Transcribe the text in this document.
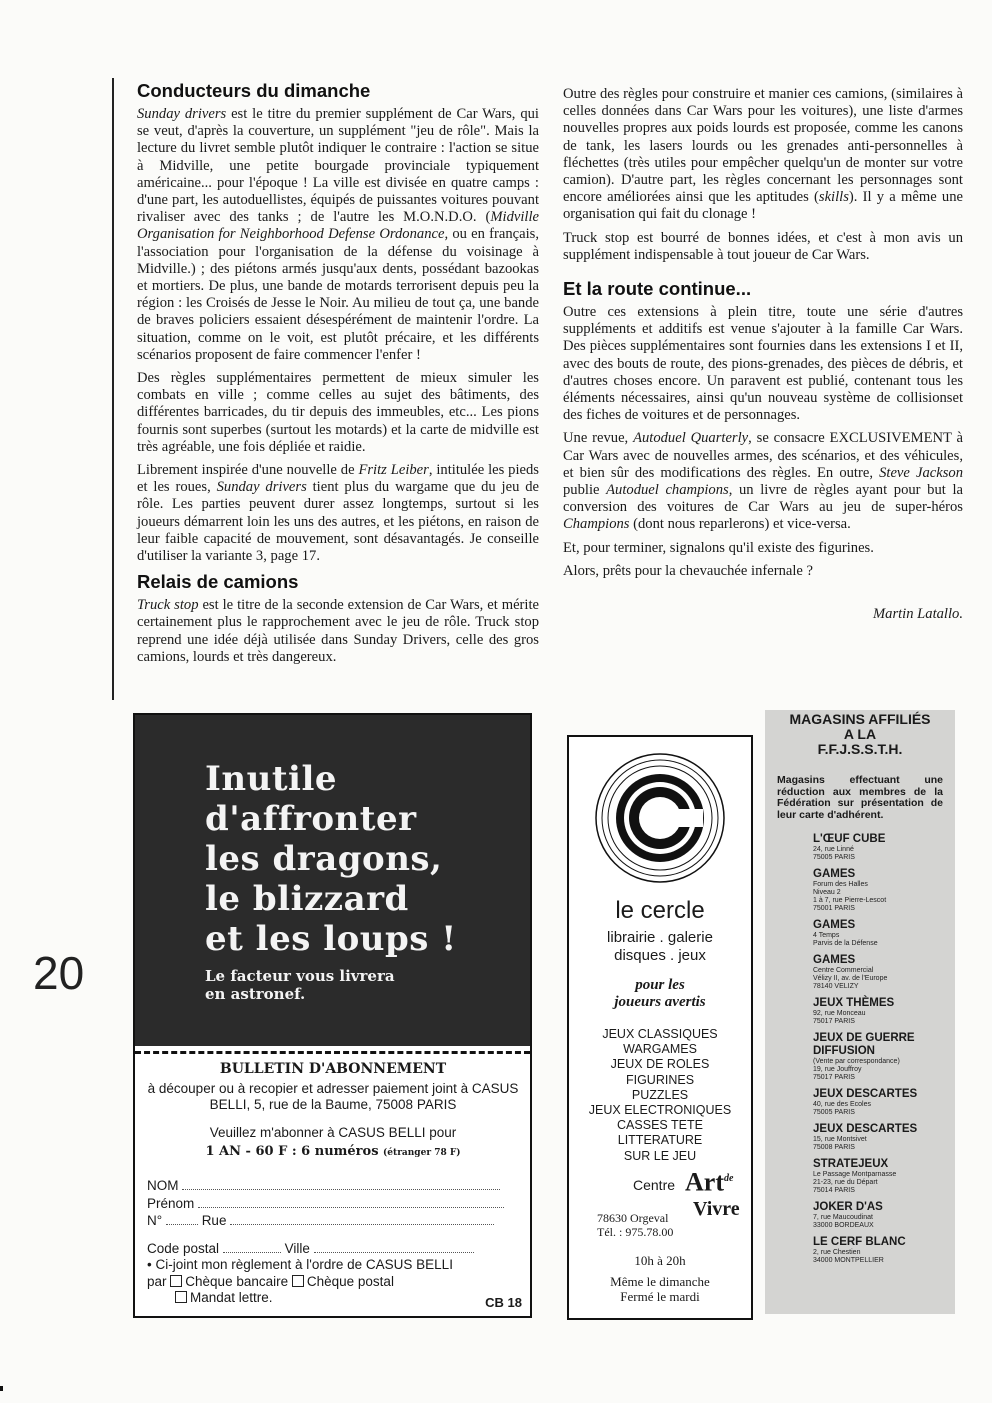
Conducteurs du dimanche

Sunday drivers est le titre du premier supplément de Car Wars, qui se veut, d'après la couverture, un supplément "jeu de rôle". Mais la lecture du livret semble plutôt indiquer le contraire : l'action se situe à Midville, une petite bourgade provinciale typiquement américaine... pour l'époque ! La ville est divisée en quatre camps : d'une part, les autoduellistes, équipés de puissantes voitures pouvant rivaliser avec des tanks ; de l'autre les M.O.N.D.O. (Midville Organisation for Neighborhood Defense Ordonance, ou en français, l'association pour l'organisation de la défense du voisinage à Midville.) ; des piétons armés jusqu'aux dents, possédant bazookas et mortiers. De plus, une bande de motards terrorisent depuis peu la région : les Croisés de Jesse le Noir. Au milieu de tout ça, une bande de braves policiers essaient désespérément de maintenir l'ordre. La situation, comme on le voit, est plutôt précaire, et les différents scénarios proposent de faire commencer l'enfer !

Des règles supplémentaires permettent de mieux simuler les combats en ville ; comme celles au sujet des bâtiments, des différentes barricades, du tir depuis des immeubles, etc... Les pions fournis sont superbes (surtout les motards) et la carte de midville est très agréable, une fois dépliée et raidie.

Librement inspirée d'une nouvelle de Fritz Leiber, intitulée les pieds et les roues, Sunday drivers tient plus du wargame que du jeu de rôle. Les parties peuvent durer assez longtemps, surtout si les joueurs démarrent loin les uns des autres, et les piétons, en raison de leur faible capacité de mouvement, sont désavantagés. Je conseille d'utiliser la variante 3, page 17.

Relais de camions

Truck stop est le titre de la seconde extension de Car Wars, et mérite certainement plus le rapprochement avec le jeu de rôle. Truck stop reprend une idée déjà utilisée dans Sunday Drivers, celle des gros camions, lourds et très dangereux.

Outre des règles pour construire et manier ces camions, (similaires à celles données dans Car Wars pour les voitures), une liste d'armes nouvelles propres aux poids lourds est proposée, comme les canons de tank, les lasers lourds ou les grenades anti-personnelles à fléchettes (très utiles pour empêcher quelqu'un de monter sur votre camion). D'autre part, les règles concernant les personnages sont encore améliorées ainsi que les aptitudes (skills). Il y a même une organisation qui fait du clonage !

Truck stop est bourré de bonnes idées, et c'est à mon avis un supplément indispensable à tout joueur de Car Wars.

Et la route continue...

Outre ces extensions à plein titre, toute une série d'autres suppléments et additifs est venue s'ajouter à la famille Car Wars. Des pièces supplémentaires sont fournies dans les extensions I et II, avec des bouts de route, des pions-grenades, des pièces de débris, et d'autres choses encore. Un paravent est publié, contenant tous les éléments nécessaires, ainsi qu'un nouveau système de collisionset des fiches de voitures et de personnages.

Une revue, Autoduel Quarterly, se consacre EXCLUSIVEMENT à Car Wars avec de nouvelles armes, des scénarios, et des véhicules, et bien sûr des modifications des règles. En outre, Steve Jackson publie Autoduel champions, un livre de règles ayant pour but la conversion des voitures de Car Wars au jeu de super-héros Champions (dont nous reparlerons) et vice-versa.

Et, pour terminer, signalons qu'il existe des figurines.

Alors, prêts pour la chevauchée infernale ?

Martin Latallo.
20
Inutile
d'affronter
les dragons,
le blizzard
et les loups !
Le facteur vous livrera
en astronef.
BULLETIN D'ABONNEMENT
à découper ou à recopier et adresser paiement joint à CASUS BELLI, 5, rue de la Baume, 75008 PARIS
Veuillez m'abonner à CASUS BELLI pour
1 AN - 60 F : 6 numéros (étranger 78 F)
NOM
Prénom
N°	Rue
Code postal	Ville
• Ci-joint mon règlement à l'ordre de CASUS BELLI
par Chèque bancaire Chèque postal
Mandat lettre.	CB 18
le cercle
librairie . galerie
disques . jeux
pour les
joueurs avertis
JEUX CLASSIQUES
WARGAMES
JEUX DE ROLES
FIGURINES
PUZZLES
JEUX ELECTRONIQUES
CASSES TETE
LITTERATURE
SUR LE JEU
Centre Art$^{de}$
Vivre
78630 Orgeval
Tél. : 975.78.00
10h à 20h
Même le dimanche
Fermé le mardi
MAGASINS AFFILIÉS
A LA
F.F.J.S.S.T.H.
Magasins effectuant une réduction aux membres de la Fédération sur présentation de leur carte d'adhérent.
L'ŒUF CUBE
24, rue Linné
75005 PARIS
GAMES
Forum des Halles
Niveau 2
1 à 7, rue Pierre-Lescot
75001 PARIS
GAMES
4 Temps
Parvis de la Défense
GAMES
Centre Commercial
Vélizy II, av. de l'Europe
78140 VELIZY
JEUX THÈMES
92, rue Monceau
75017 PARIS
JEUX DE GUERRE DIFFUSION
(Vente par correspondance)
19, rue Jouffroy
75017 PARIS
JEUX DESCARTES
40, rue des Ecoles
75005 PARIS
JEUX DESCARTES
15, rue Montsivet
75008 PARIS
STRATEJEUX
Le Passage Montparnasse
21-23, rue du Départ
75014 PARIS
JOKER D'AS
7, rue Maucoudinat
33000 BORDEAUX
LE CERF BLANC
2, rue Chestien
34000 MONTPELLIER
